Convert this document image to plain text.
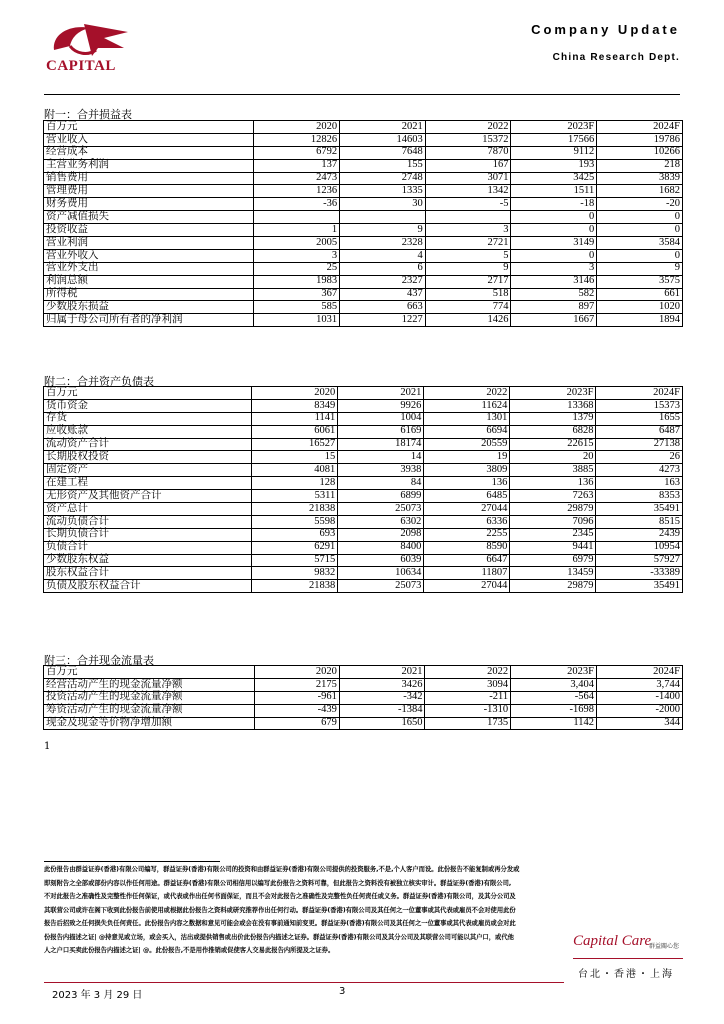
CAPITAL
Company Update
China Research Dept.
附一：合并损益表
百万元	2020	2021	2022	2023F	2024F
营业收入	12826	14603	15372	17566	19786
经营成本	6792	7648	7870	9112	10266
主营业务利润	137	155	167	193	218
销售费用	2473	2748	3071	3425	3839
管理费用	1236	1335	1342	1511	1682
财务费用	-36	30	-5	-18	-20
资产减值损失				0	0
投资收益	1	9	3	0	0
营业利润	2005	2328	2721	3149	3584
营业外收入	3	4	5	0	0
营业外支出	25	6	9	3	9
利润总额	1983	2327	2717	3146	3575
所得税	367	437	518	582	661
少数股东损益	585	663	774	897	1020
归属于母公司所有者的净利润	1031	1227	1426	1667	1894
附二：合并资产负债表
百万元	2020	2021	2022	2023F	2024F
货币资金	8349	9926	11624	13368	15373
存货	1141	1004	1301	1379	1655
应收账款	6061	6169	6694	6828	6487
流动资产合计	16527	18174	20559	22615	27138
长期股权投资	15	14	19	20	26
固定资产	4081	3938	3809	3885	4273
在建工程	128	84	136	136	163
无形资产及其他资产合计	5311	6899	6485	7263	8353
资产总计	21838	25073	27044	29879	35491
流动负债合计	5598	6302	6336	7096	8515
长期负债合计	693	2098	2255	2345	2439
负债合计	6291	8400	8590	9441	10954
少数股东权益	5715	6039	6647	6979	57927
股东权益合计	9832	10634	11807	13459	-33389
负债及股东权益合计	21838	25073	27044	29879	35491
附三：合并现金流量表
百万元	2020	2021	2022	2023F	2024F
经营活动产生的现金流量净额	2175	3426	3094	3,404	3,744
投资活动产生的现金流量净额	-961	-342	-211	-564	-1400
筹资活动产生的现金流量净额	-439	-1384	-1310	-1698	-2000
现金及现金等价物净增加额	679	1650	1735	1142	344
1

此份报告由群益证券(香港)有限公司编写，群益证券(香港)有限公司的投资和由群益证券(香港)有限公司提供的投资服务,不是,个人客户而设。此份报告不能复制或再分发或

即刻附告之全部或部份内容以作任何用途。群益证券(香港)有限公司相信用以编写此份报告之资料可靠，但此报告之资料没有被独立核实审计。群益证券(香港)有限公司,

不对此报告之准确性及完整性作任何保证，或代表或作出任何书面保证，而且不会对此报告之准确性及完整性负任何责任或义务。群益证券(香港)有限公司，及其分公司及

其联营公司或许在阁下收到此份报告前使用或根据此份报告之资料或研究推荐作出任何行动。群益证券(香港)有限公司及其任何之一位董事或其代表或雇员不会对使用此份

报告后招致之任何损失负任何责任。此份报告内容之数据和意见可能会或会在没有事前通知前变更。群益证券(香港)有限公司及其任何之一位董事或其代表或雇员或会对此

份报告内描述之证| @持意见或立场，或会买入，沽出或提供销售或出价此份报告内描述之证券。群益证券(香港)有限公司及其分公司及其联营公司可能以其户口，或代他

人之户口买卖此份报告内描述之证| @。此份报告,不是用作推销或促使客人交易此报告内所提及之证券。

Capital Care
群益關心您
台北・香港・上海
2023 年 3 月 29 日	3
